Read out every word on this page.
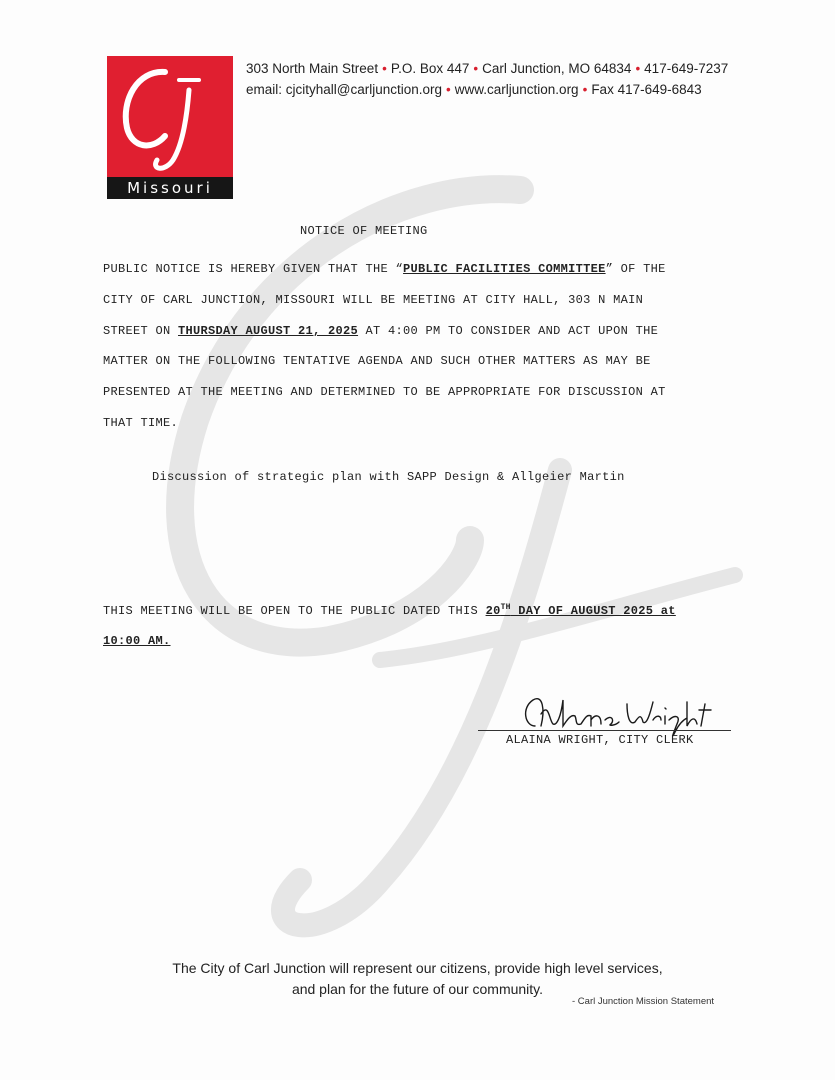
Missouri
303 North Main Street • P.O. Box 447 • Carl Junction, MO 64834 • 417-649-7237
email: cjcityhall@carljunction.org • www.carljunction.org • Fax 417-649-6843
NOTICE OF MEETING
PUBLIC NOTICE IS HEREBY GIVEN THAT THE “PUBLIC FACILITIES COMMITTEE” OF THE
CITY OF CARL JUNCTION, MISSOURI WILL BE MEETING AT CITY HALL, 303 N MAIN
STREET ON THURSDAY AUGUST 21, 2025 AT 4:00 PM TO CONSIDER AND ACT UPON THE
MATTER ON THE FOLLOWING TENTATIVE AGENDA AND SUCH OTHER MATTERS AS MAY BE
PRESENTED AT THE MEETING AND DETERMINED TO BE APPROPRIATE FOR DISCUSSION AT
THAT TIME.
Discussion of strategic plan with SAPP Design & Allgeier Martin
THIS MEETING WILL BE OPEN TO THE PUBLIC DATED THIS 20TH DAY OF AUGUST 2025 at
10:00 AM.
ALAINA WRIGHT, CITY CLERK
The City of Carl Junction will represent our citizens, provide high level services,
and plan for the future of our community.
- Carl Junction Mission Statement
